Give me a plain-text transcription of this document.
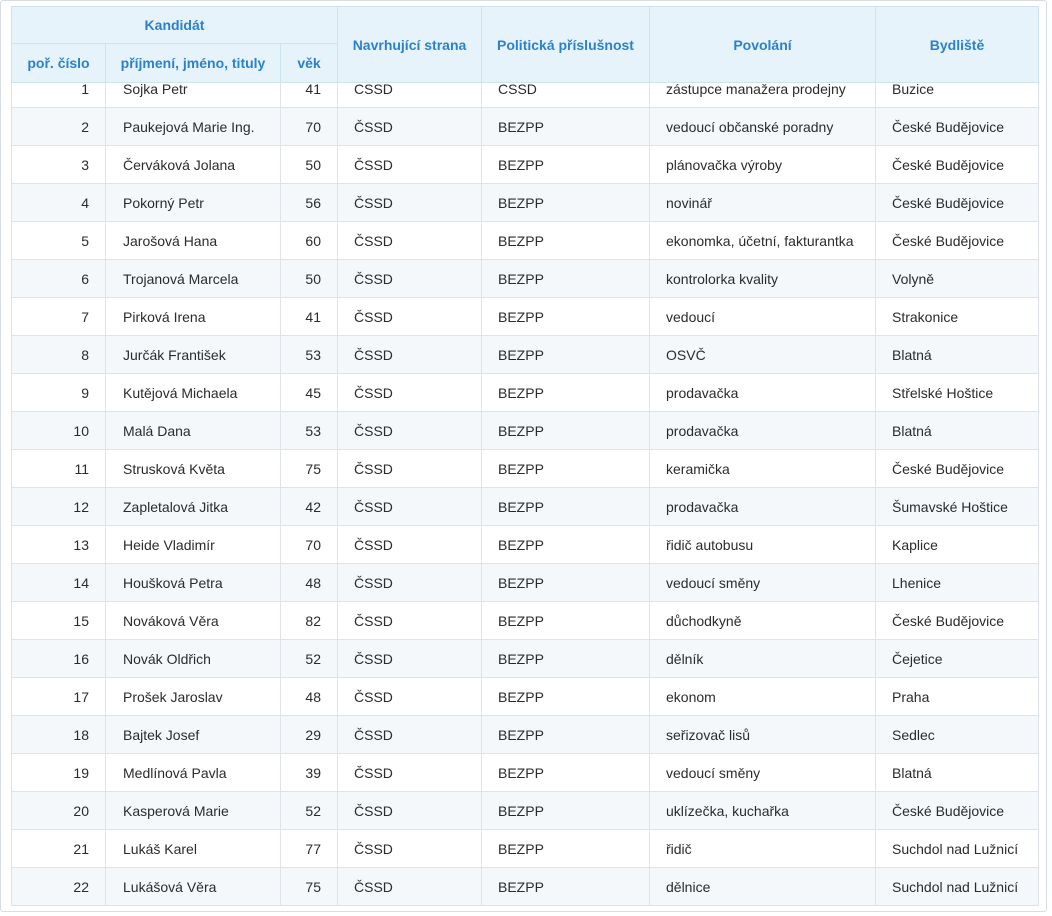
Kandidát			Navrhující strana	Politická příslušnost	Povolání	Bydliště
poř. číslo	příjmení, jméno, tituly	věk				
1	Sojka Petr	41	CSSD	CSSD	zástupce manažera prodejny	Buzice
2	Paukejová Marie Ing.	70	ČSSD	BEZPP	vedoucí občanské poradny	České Budějovice
3	Červáková Jolana	50	ČSSD	BEZPP	plánovačka výroby	České Budějovice
4	Pokorný Petr	56	ČSSD	BEZPP	novinář	České Budějovice
5	Jarošová Hana	60	ČSSD	BEZPP	ekonomka, účetní, fakturantka	České Budějovice
6	Trojanová Marcela	50	ČSSD	BEZPP	kontrolorka kvality	Volyně
7	Pirková Irena	41	ČSSD	BEZPP	vedoucí	Strakonice
8	Jurčák František	53	ČSSD	BEZPP	OSVČ	Blatná
9	Kutějová Michaela	45	ČSSD	BEZPP	prodavačka	Střelské Hoštice
10	Malá Dana	53	ČSSD	BEZPP	prodavačka	Blatná
11	Strusková Květa	75	ČSSD	BEZPP	keramička	České Budějovice
12	Zapletalová Jitka	42	ČSSD	BEZPP	prodavačka	Šumavské Hoštice
13	Heide Vladimír	70	ČSSD	BEZPP	řidič autobusu	Kaplice
14	Houšková Petra	48	ČSSD	BEZPP	vedoucí směny	Lhenice
15	Nováková Věra	82	ČSSD	BEZPP	důchodkyně	České Budějovice
16	Novák Oldřich	52	ČSSD	BEZPP	dělník	Čejetice
17	Prošek Jaroslav	48	ČSSD	BEZPP	ekonom	Praha
18	Bajtek Josef	29	ČSSD	BEZPP	seřizovač lisů	Sedlec
19	Medlínová Pavla	39	ČSSD	BEZPP	vedoucí směny	Blatná
20	Kasperová Marie	52	ČSSD	BEZPP	uklízečka, kuchařka	České Budějovice
21	Lukáš Karel	77	ČSSD	BEZPP	řidič	Suchdol nad Lužnicí
22	Lukášová Věra	75	ČSSD	BEZPP	dělnice	Suchdol nad Lužnicí
